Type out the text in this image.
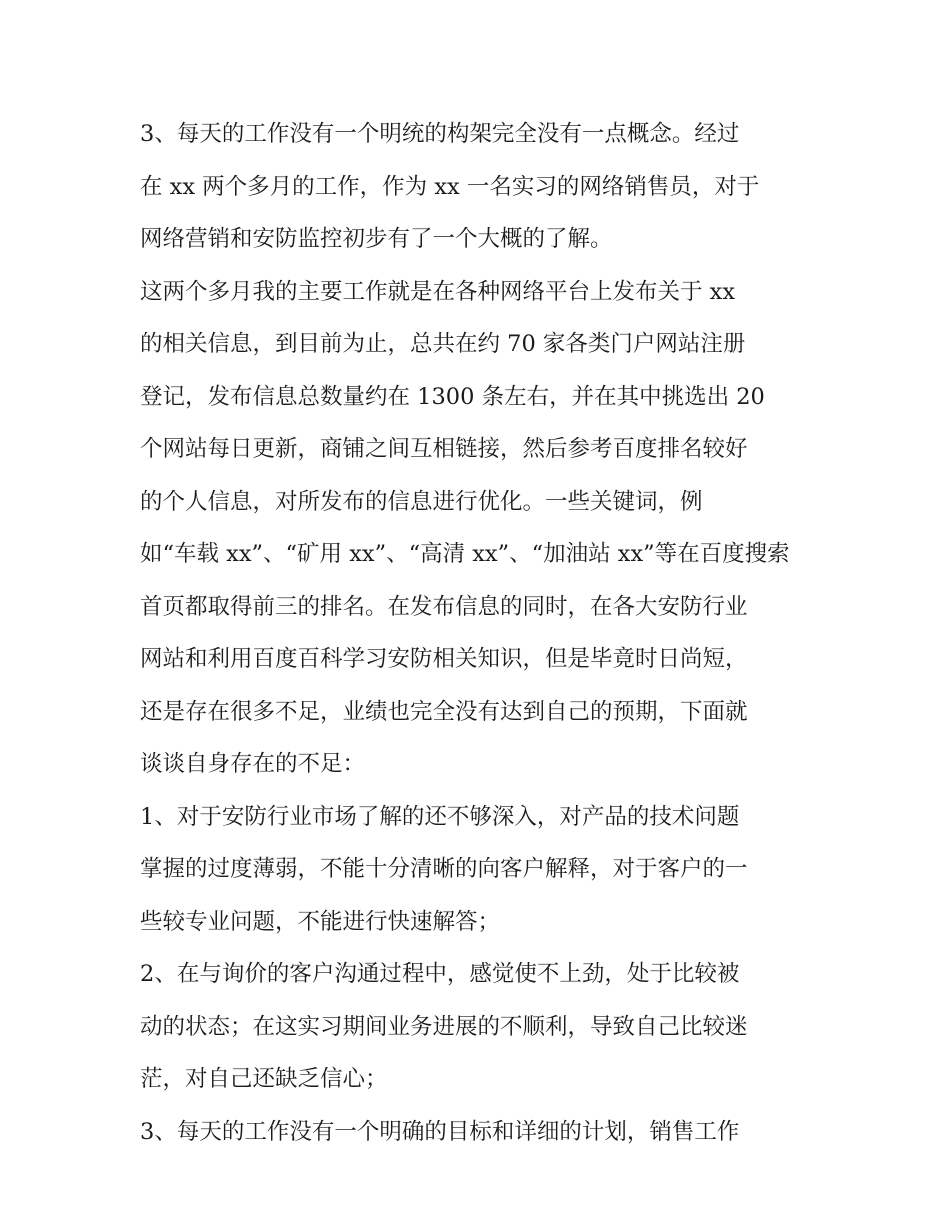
3、每天的工作没有一个明统的构架完全没有一点概念。经过
在 xx 两个多月的工作，作为 xx 一名实习的网络销售员，对于
网络营销和安防监控初步有了一个大概的了解。
这两个多月我的主要工作就是在各种网络平台上发布关于 xx
的相关信息，到目前为止，总共在约 70 家各类门户网站注册
登记，发布信息总数量约在 1300 条左右，并在其中挑选出 20
个网站每日更新，商铺之间互相链接，然后参考百度排名较好
的个人信息，对所发布的信息进行优化。一些关键词，例
如“车载 xx”、“矿用 xx”、“高清 xx”、“加油站 xx”等在百度搜索
首页都取得前三的排名。在发布信息的同时，在各大安防行业
网站和利用百度百科学习安防相关知识，但是毕竟时日尚短，
还是存在很多不足，业绩也完全没有达到自己的预期，下面就
谈谈自身存在的不足：
1、对于安防行业市场了解的还不够深入，对产品的技术问题
掌握的过度薄弱，不能十分清晰的向客户解释，对于客户的一
些较专业问题，不能进行快速解答；
2、在与询价的客户沟通过程中，感觉使不上劲，处于比较被
动的状态；在这实习期间业务进展的不顺利，导致自己比较迷
茫，对自己还缺乏信心；
3、每天的工作没有一个明确的目标和详细的计划，销售工作
